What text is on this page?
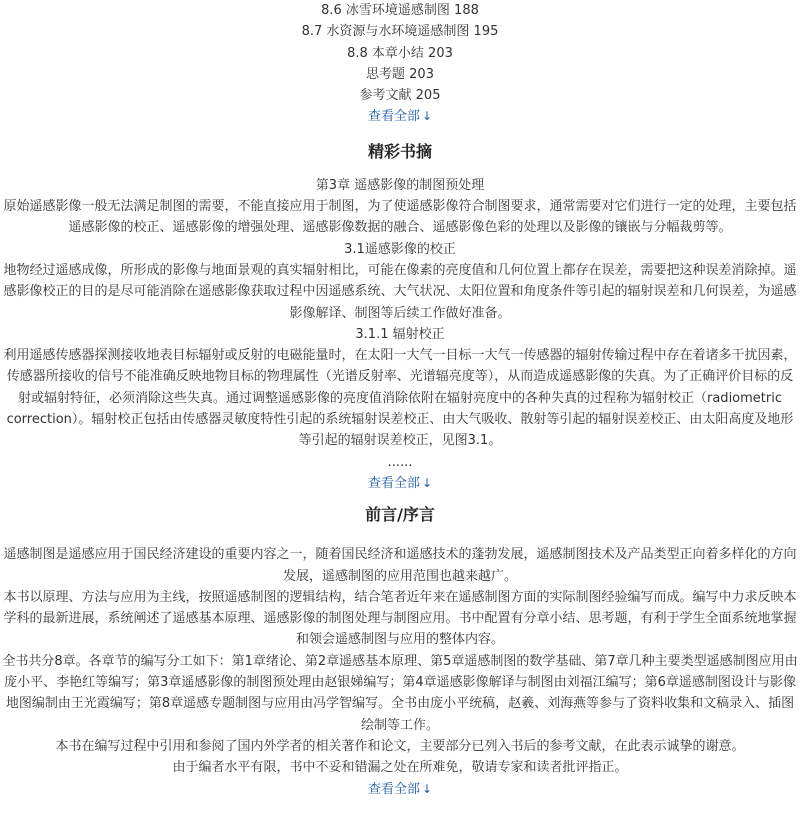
8.6 冰雪环境遥感制图 188
8.7 水资源与水环境遥感制图 195
8.8 本章小结 203
思考题 203
参考文献 205
查看全部 ↓
精彩书摘
第3章 遥感影像的制图预处理
原始遥感影像一般无法满足制图的需要，不能直接应用于制图，为了使遥感影像符合制图要求，通常需要对它们进行一定的处理，主要包括遥感影像的校正、遥感影像的增强处理、遥感影像数据的融合、遥感影像色彩的处理以及影像的镶嵌与分幅裁剪等。
3.1遥感影像的校正
地物经过遥感成像，所形成的影像与地面景观的真实辐射相比，可能在像素的亮度值和几何位置上都存在误差，需要把这种误差消除掉。遥感影像校正的目的是尽可能消除在遥感影像获取过程中因遥感系统、大气状况、太阳位置和角度条件等引起的辐射误差和几何误差，为遥感影像解译、制图等后续工作做好准备。
3.1.1 辐射校正
利用遥感传感器探测接收地表目标辐射或反射的电磁能量时，在太阳一大气一目标一大气一传感器的辐射传输过程中存在着诸多干扰因素，传感器所接收的信号不能准确反映地物目标的物理属性（光谱反射率、光谱辐亮度等），从而造成遥感影像的失真。为了正确评价目标的反射或辐射特征，必须消除这些失真。通过调整遥感影像的亮度值消除依附在辐射亮度中的各种失真的过程称为辐射校正（radiometric correction）。辐射校正包括由传感器灵敏度特性引起的系统辐射误差校正、由大气吸收、散射等引起的辐射误差校正、由太阳高度及地形等引起的辐射误差校正，见图3.1。
......
查看全部 ↓
前言/序言
遥感制图是遥感应用于国民经济建设的重要内容之一，随着国民经济和遥感技术的蓬勃发展，遥感制图技术及产品类型正向着多样化的方向发展，遥感制图的应用范围也越来越广。
本书以原理、方法与应用为主线，按照遥感制图的逻辑结构，结合笔者近年来在遥感制图方面的实际制图经验编写而成。编写中力求反映本学科的最新进展，系统阐述了遥感基本原理、遥感影像的制图处理与制图应用。书中配置有分章小结、思考题，有利于学生全面系统地掌握和领会遥感制图与应用的整体内容。
全书共分8章。各章节的编写分工如下：第1章绪论、第2章遥感基本原理、第5章遥感制图的数学基础、第7章几种主要类型遥感制图应用由庞小平、李艳红等编写；第3章遥感影像的制图预处理由赵银娣编写；第4章遥感影像解译与制图由刘福江编写；第6章遥感制图设计与影像地图编制由王光霞编写；第8章遥感专题制图与应用由冯学智编写。全书由庞小平统稿，赵羲、刘海燕等参与了资料收集和文稿录入、插图绘制等工作。
本书在编写过程中引用和参阅了国内外学者的相关著作和论文，主要部分已列入书后的参考文献，在此表示诚挚的谢意。
由于编者水平有限，书中不妥和错漏之处在所难免，敬请专家和读者批评指正。
查看全部 ↓
